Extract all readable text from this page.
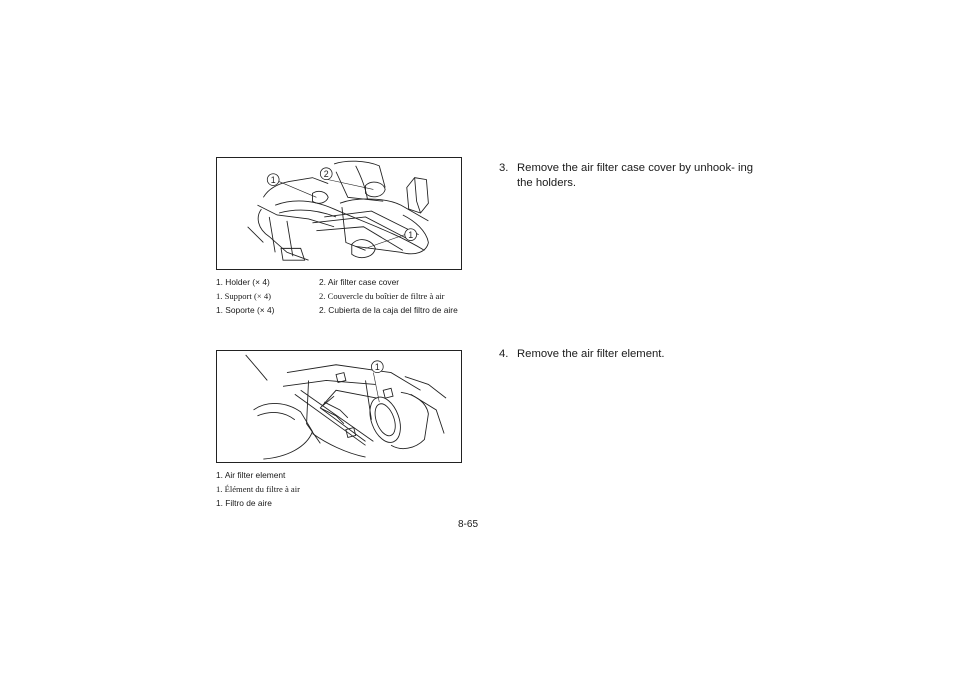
1
2
1
1. Holder (× 4)	2. Air filter case cover
1. Support (× 4)	2. Couvercle du boîtier de filtre à air
1. Soporte (× 4)	2. Cubierta de la caja del filtro de aire
1
1. Air filter element
1. Élément du filtre à air
1. Filtro de aire
3. Remove the air filter case cover by unhook- ing the holders.
4. Remove the air filter element.
8-65
